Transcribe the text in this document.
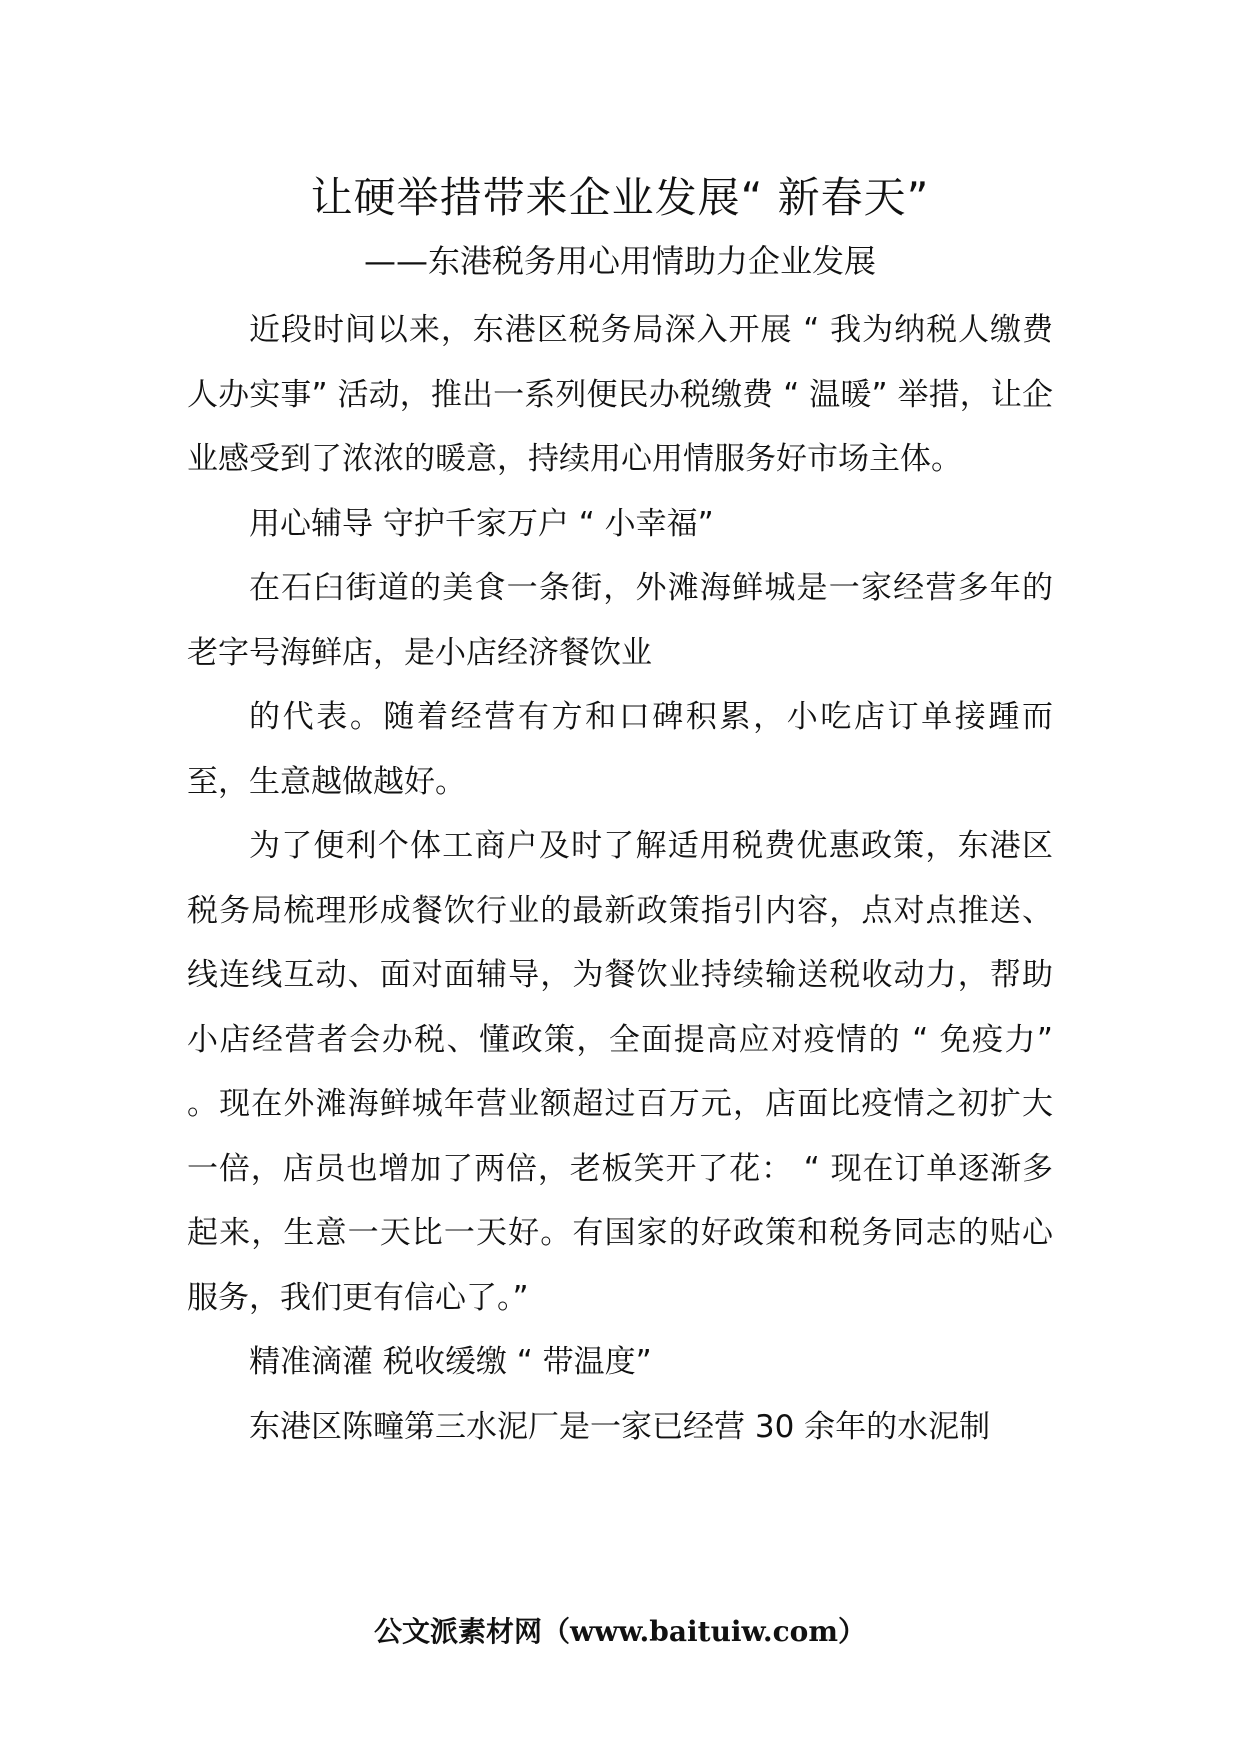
让硬举措带来企业发展“ 新春天”
——东港税务用心用情助力企业发展

近段时间以来，东港区税务局深入开展 “ 我为纳税人缴费人办实事” 活动，推出一系列便民办税缴费 “ 温暖” 举措，让企业感受到了浓浓的暖意，持续用心用情服务好市场主体。

用心辅导 守护千家万户 “ 小幸福”

在石臼街道的美食一条街，外滩海鲜城是一家经营多年的老字号海鲜店，是小店经济餐饮业

的代表。随着经营有方和口碑积累，小吃店订单接踵而至，生意越做越好。

为了便利个体工商户及时了解适用税费优惠政策，东港区税务局梳理形成餐饮行业的最新政策指引内容，点对点推送、线连线互动、面对面辅导，为餐饮业持续输送税收动力，帮助小店经营者会办税、懂政策，全面提高应对疫情的 “ 免疫力” 。现在外滩海鲜城年营业额超过百万元，店面比疫情之初扩大一倍，店员也增加了两倍，老板笑开了花： “ 现在订单逐渐多起来，生意一天比一天好。有国家的好政策和税务同志的贴心服务，我们更有信心了。”

精准滴灌 税收缓缴 “ 带温度”

东港区陈疃第三水泥厂是一家已经营 30 余年的水泥制

公文派素材网（www.baituiw.com）
